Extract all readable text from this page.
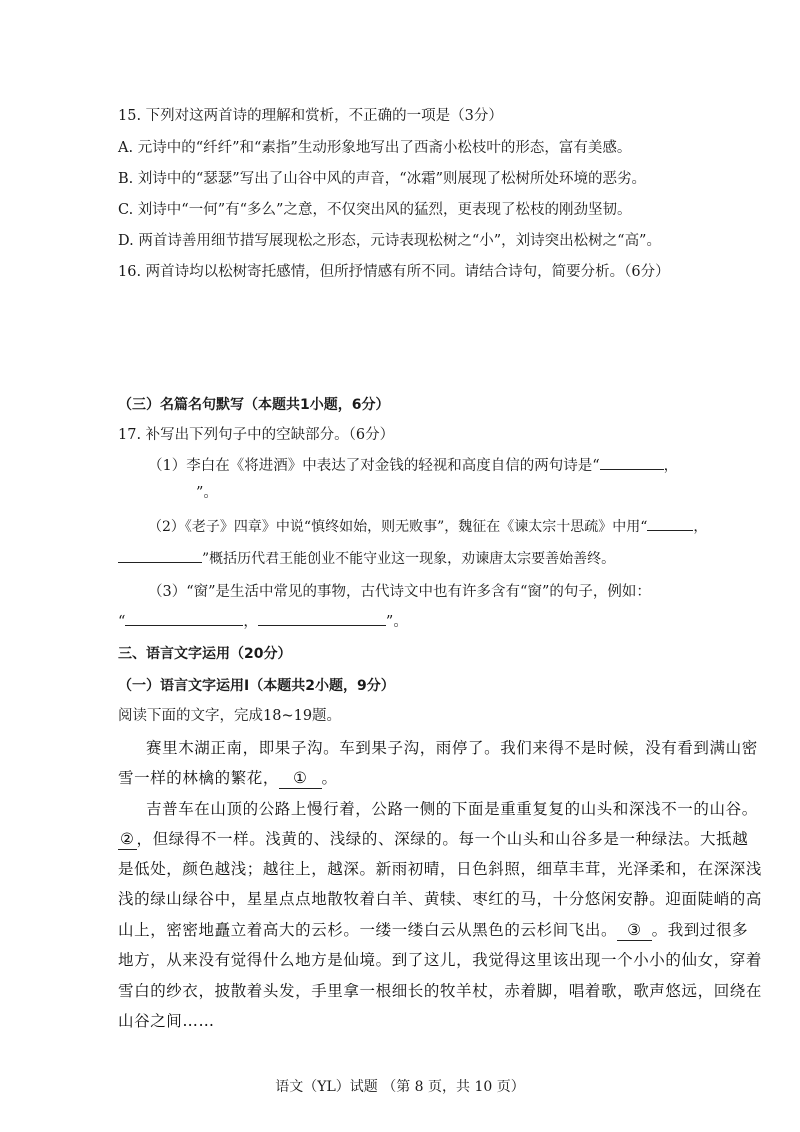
15. 下列对这两首诗的理解和赏析，不正确的一项是（3分）
A. 元诗中的“纤纤”和“素指”生动形象地写出了西斋小松枝叶的形态，富有美感。
B. 刘诗中的“瑟瑟”写出了山谷中风的声音，“冰霜”则展现了松树所处环境的恶劣。
C. 刘诗中“一何”有“多么”之意，不仅突出风的猛烈，更表现了松枝的刚劲坚韧。
D. 两首诗善用细节措写展现松之形态，元诗表现松树之“小”，刘诗突出松树之“高”。
16. 两首诗均以松树寄托感情，但所抒情感有所不同。请结合诗句，简要分析。（6分）
（三）名篇名句默写（本题共1小题，6分）
17. 补写出下列句子中的空缺部分。（6分）
（1）李白在《将进酒》中表达了对金钱的轻视和高度自信的两句诗是“	，
”。
（2）《老子》四章》中说“慎终如始，则无败事”，魏征在《谏太宗十思疏》中用“	，
”概括历代君王能创业不能守业这一现象，劝谏唐太宗要善始善终。
（3）“窗”是生活中常见的事物，古代诗文中也有许多含有“窗”的句子，例如：
“	，	”。
三、语言文字运用（20分）
（一）语言文字运用Ⅰ（本题共2小题，9分）
阅读下面的文字，完成18~19题。
赛里木湖正南，即果子沟。车到果子沟，雨停了。我们来得不是时候，没有看到满山密
雪一样的林檎的繁花， ① 。
吉普车在山顶的公路上慢行着，公路一侧的下面是重重复复的山头和深浅不一的山谷。
② ，但绿得不一样。浅黄的、浅绿的、深绿的。每一个山头和山谷多是一种绿法。大抵越
是低处，颜色越浅；越往上，越深。新雨初晴，日色斜照，细草丰茸，光泽柔和，在深深浅
浅的绿山绿谷中，星星点点地散牧着白羊、黄犊、枣红的马，十分悠闲安静。迎面陡峭的高
山上，密密地矗立着高大的云杉。一缕一缕白云从黑色的云杉间飞出。 ③ 。我到过很多
地方，从来没有觉得什么地方是仙境。到了这儿，我觉得这里该出现一个小小的仙女，穿着
雪白的纱衣，披散着头发，手里拿一根细长的牧羊杖，赤着脚，唱着歌，歌声悠远，回绕在
山谷之间……
语文（YL）试题 （第 8 页，共 10 页）
